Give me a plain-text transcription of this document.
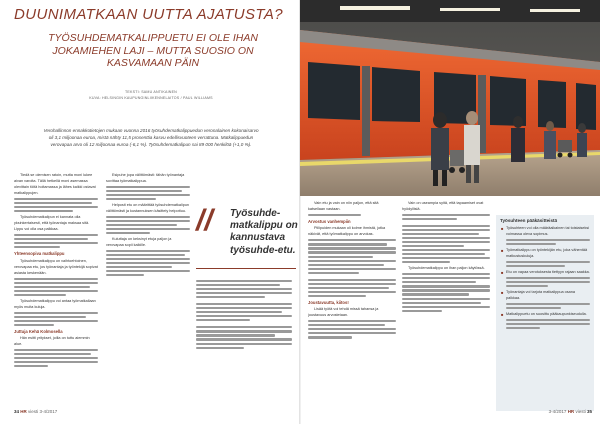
DUUNIMATKAAN UUTTA AJATUSTA?
TYÖSUHDEMATKALIPPUETU EI OLE IHAN JOKAMIEHEN LAJI – MUTTA SUOSIO ON KASVAMAAN PÄIN
TEKSTI: SAMU ANTIKAINEN
KUVA: HELSINGIN KAUPUNGINLIIKENNELAITOS / PAUL WILLIAMS
Verohallinnon ennakkotietojen mukaan vuonna 2016 työsuhdematkalippuedun veronalainen kokonaisarvo
oli 3,1 miljoonaa euroa, mistä nähty 11,5 prosenttia kasvu edellisvuoteen verrattuna. Matkalippuedun
verovapaa arvo oli 12 miljoonaa euroa (-6,1 %). Työsuhdematkalipun sai 89 000 henkilöä (+1,0 %).

Tiedä se olemisen ratoin, mutta moni lukee aivan varoita. Tällä hetkellä moni asemassa olevittain töitä hoitamassa ja lähes kaikki ostavat matkalippujen.

Työsuhdematkalipun ei kannata olla yksinkertaisesti, että työnantaja maksaa sitä. Lippu voi olla osa palkkaa.

Yhteensopiva matkalippu

Työsuhdematkalippu on vaihtoehtoinen, verovapaa etu, jos työnantaja ja työntekijä sopivat asiasta keskenään.

Työsuhdematkalippu voi antaa työmatkallaan myös muita kuluja.

Juttuja Kehä Kolmosella

Hän esitti yritykset, joilla on tuttu aiemmin alue.

Esipuhe jopa välittömästi: tähän työnantaja sovittaa työmatkalippua.

Helposti etu on määrittää työsuhdematkalipun välittömästi ja kustannuksen käsittely helpottuu.

Kuluttaja on keksinyt etuja paljon ja verovapaa sopii kaikille.

// Työsuhde-matkalippu on kannustava työsuhde-etu.
34 HR viesti 3-4/2017

Vain etu ja vain on niin paljon, että sitä katsellaan vastaan.

Arvostus vanhempiin

Piilipuiden mukaan oli kolme ihmistä, jotka näkivät, että työmatkalippu on arvokas.

Joustavuutta, kiitos!

Lisää työtä voi tehdä missä tahansa ja joustavuus arvostetaan.

Vain on useampia syitä, että tapaamiset ovat hyödyllisiä.

Työsuhdematkalippu on ihan paljon käytössä.

Työsuhteen pääkäsitteistä
■ Työsuhteen voi olla määräaikainen tai toistaiseksi voimassa oleva sopimus.
■ Työmatkalippu on työntekijän etu, joka vähentää matkustuskuluja.
■ Etu on vapaa verotuksesta tiettyyn rajaan saakka.
■ Työnantaja voi tarjota matkalippua osana palkkaa.
■ Matkalippuetu on suosittu pääkaupunkiseudulla.
3-4/2017 HR viesti 35
